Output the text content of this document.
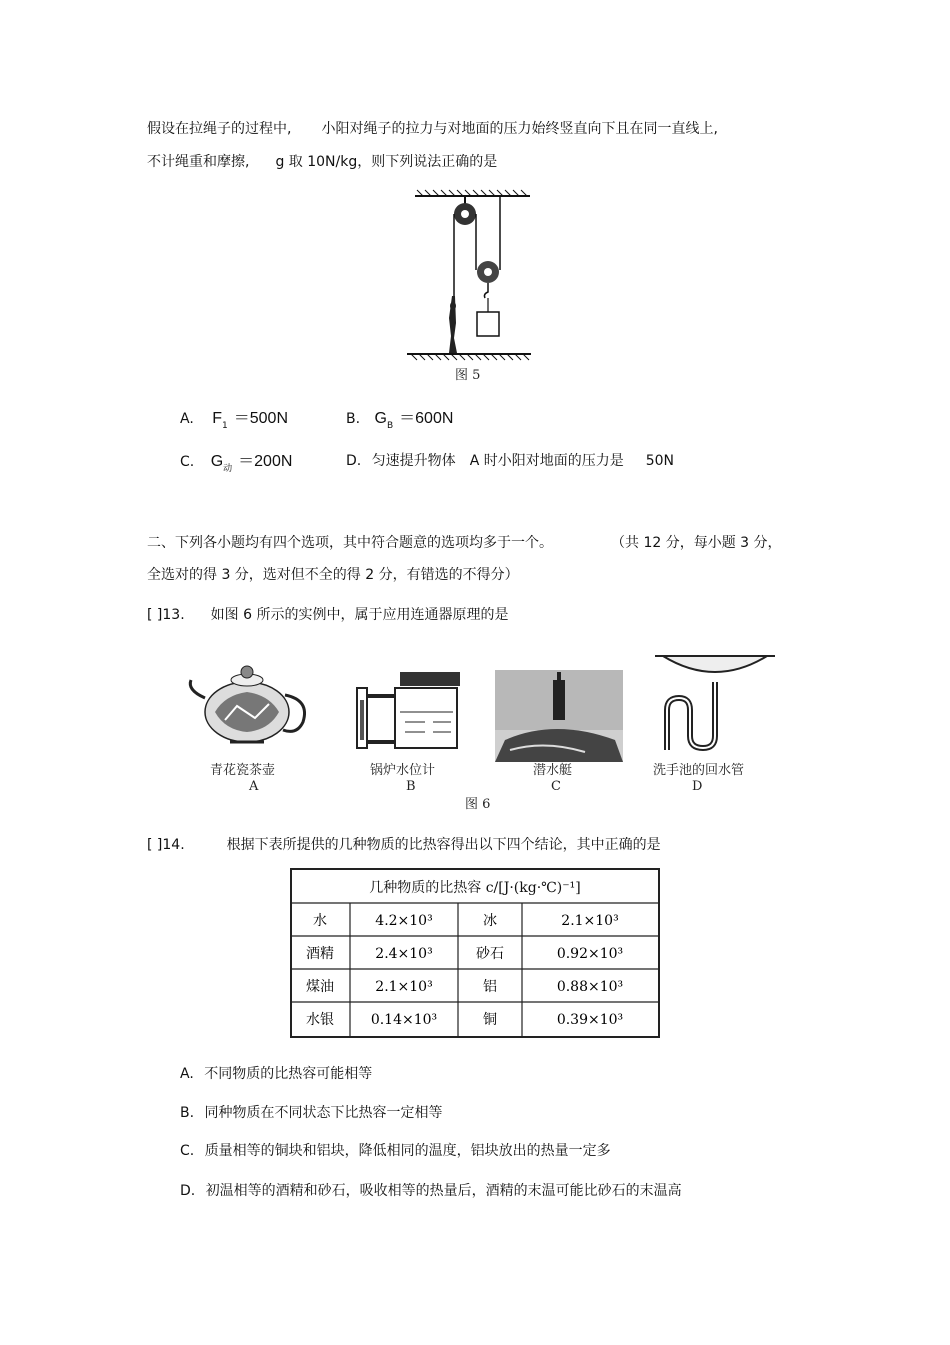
假设在拉绳子的过程中, 小阳对绳子的拉力与对地面的压力始终竖直向下且在同一直线上,
不计绳重和摩擦, g 取 10N/kg，则下列说法正确的是
图 5
A. $F_1 =500N$	B. $G_B =600N$
C. $G_动 =200N$	D. 匀速提升物体 A 时小阳对地面的压力是 50N
二、下列各小题均有四个选项，其中符合题意的选项均多于一个。	（共 12 分，每小题 3 分，
全选对的得 3 分，选对但不全的得 2 分，有错选的不得分）
[ ]13. 如图 6 所示的实例中，属于应用连通器原理的是
青花瓷茶壶
A
锅炉水位计
B
潜水艇
C
洗手池的回水管
D
图 6
[ ]14.	根据下表所提供的几种物质的比热容得出以下四个结论，其中正确的是
几种物质的比热容 c/[J·(kg·℃)⁻¹]
水	4.2×10³	冰	2.1×10³
酒精	2.4×10³	砂石	0.92×10³
煤油	2.1×10³	铝	0.88×10³
水银	0.14×10³	铜	0.39×10³
A. 不同物质的比热容可能相等
B. 同种物质在不同状态下比热容一定相等
C. 质量相等的铜块和铝块，降低相同的温度，铝块放出的热量一定多
D. 初温相等的酒精和砂石，吸收相等的热量后，酒精的末温可能比砂石的末温高
